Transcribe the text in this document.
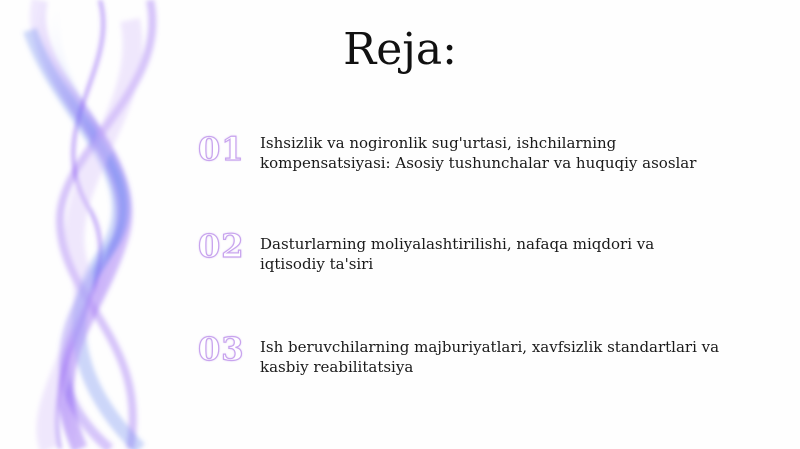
Reja:
01 Ishsizlik va nogironlik sug'urtasi, ishchilarning kompensatsiyasi: Asosiy tushunchalar va huquqiy asoslar
02 Dasturlarning moliyalashtirilishi, nafaqa miqdori va iqtisodiy ta'siri
03 Ish beruvchilarning majburiyatlari, xavfsizlik standartlari va kasbiy reabilitatsiya
